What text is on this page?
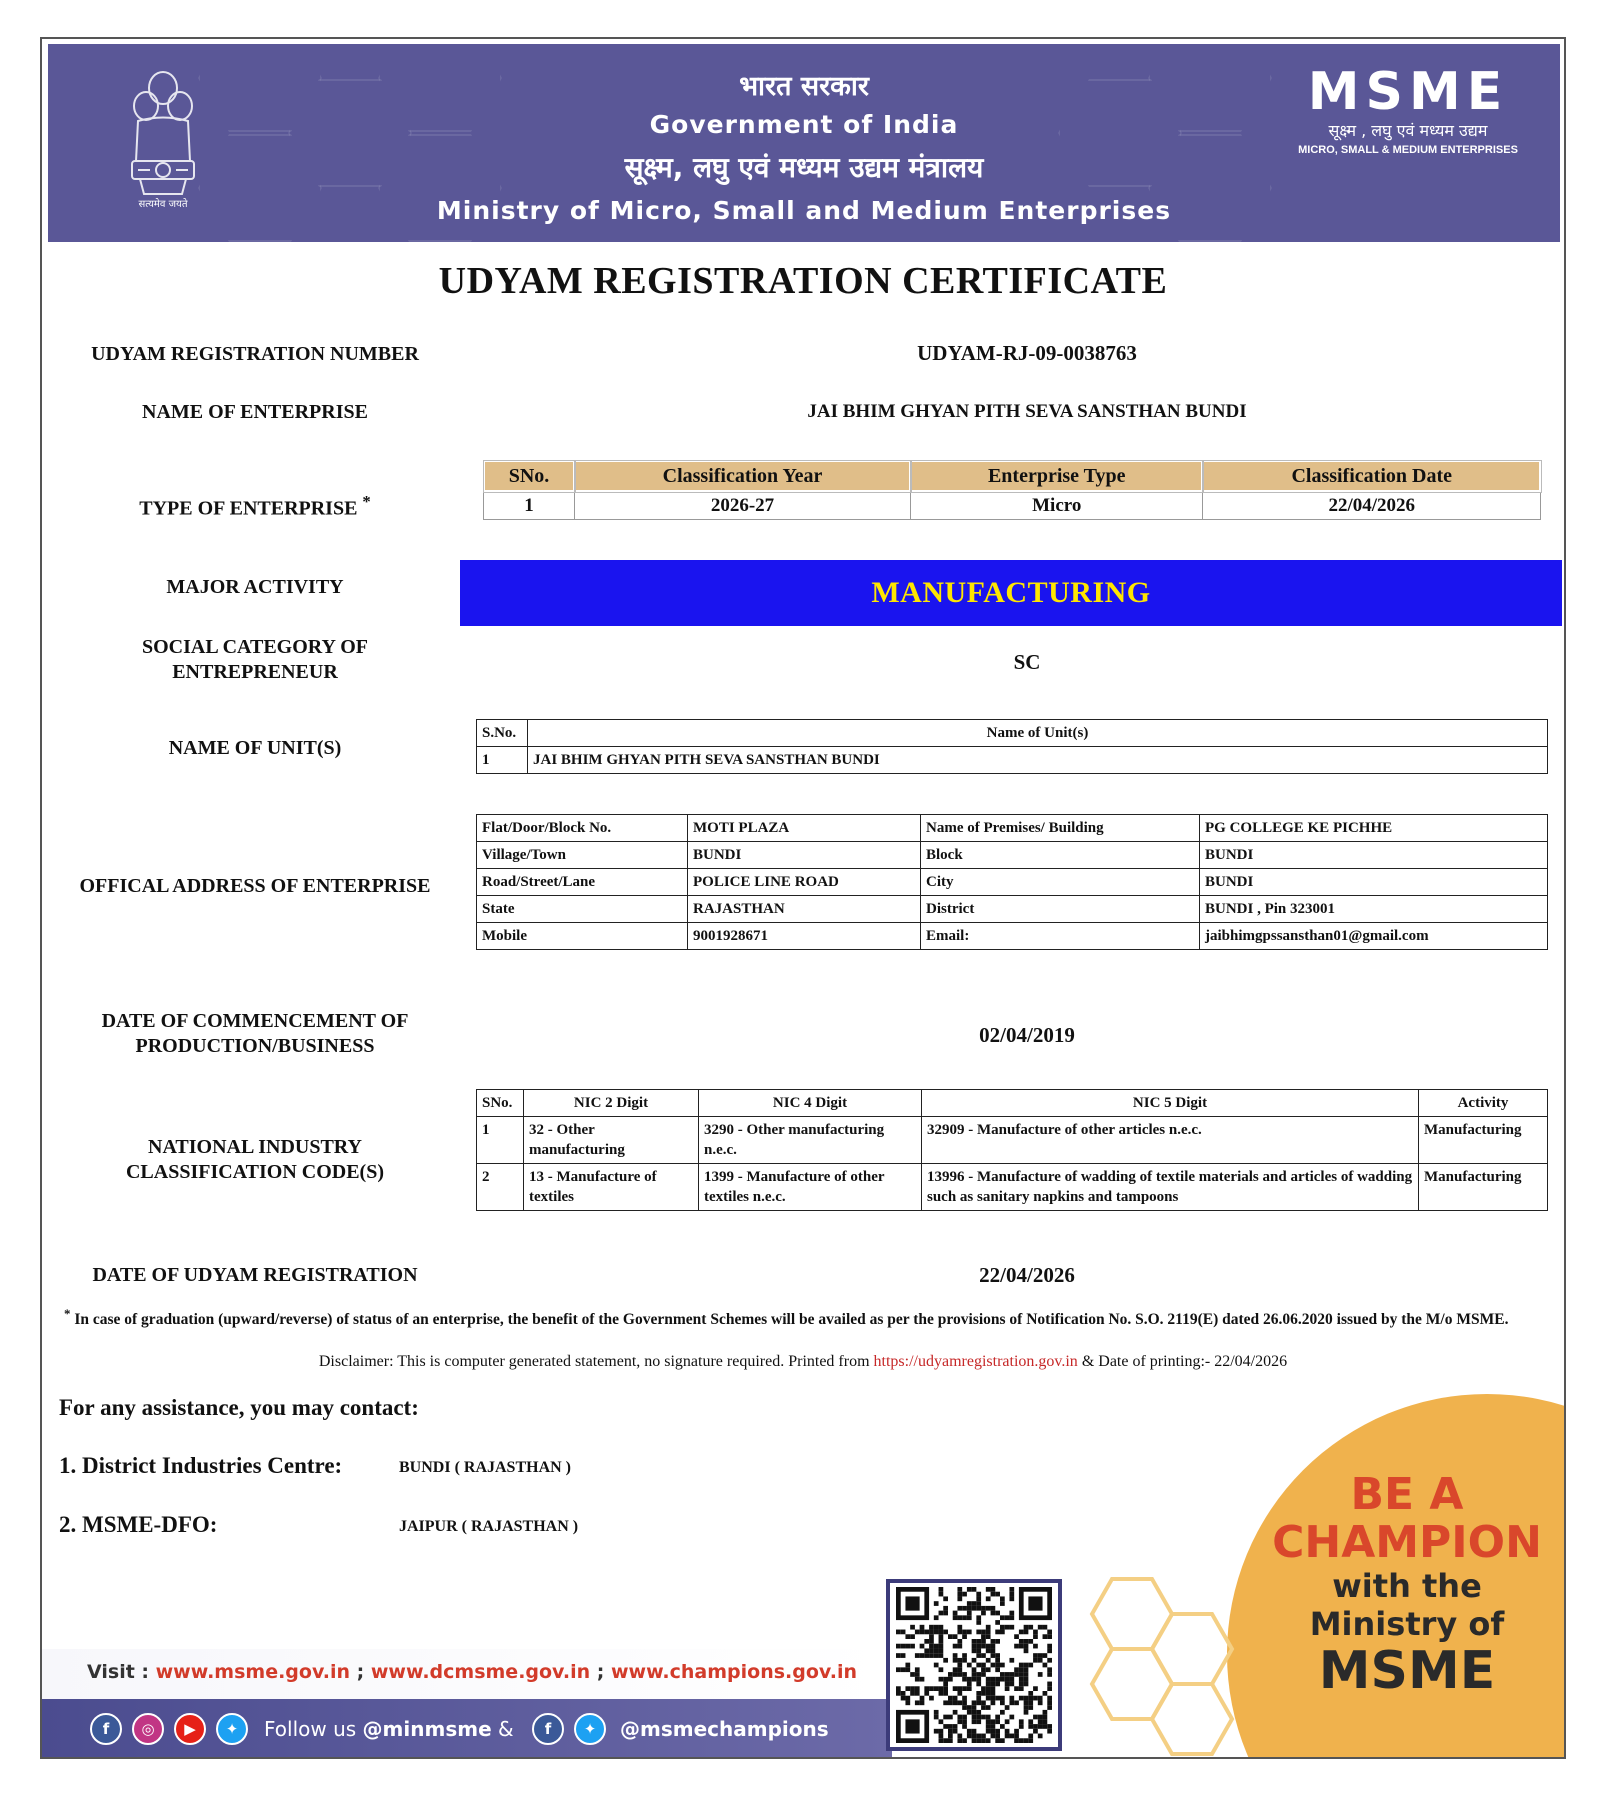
सत्यमेव जयते
भारत सरकार
Government of India
सूक्ष्म, लघु एवं मध्यम उद्यम मंत्रालय
Ministry of Micro, Small and Medium Enterprises
MSME
सूक्ष्म , लघु एवं मध्यम उद्यम
MICRO, SMALL & MEDIUM ENTERPRISES
UDYAM REGISTRATION CERTIFICATE
UDYAM REGISTRATION NUMBER	UDYAM-RJ-09-0038763
NAME OF ENTERPRISE	JAI BHIM GHYAN PITH SEVA SANSTHAN BUNDI
TYPE OF ENTERPRISE *
SNo.	Classification Year	Enterprise Type	Classification Date
1	2026-27	Micro	22/04/2026
MAJOR ACTIVITY	MANUFACTURING
SOCIAL CATEGORY OF
ENTREPRENEUR	SC
NAME OF UNIT(S)
S.No.	Name of Unit(s)
1	JAI BHIM GHYAN PITH SEVA SANSTHAN BUNDI
OFFICAL ADDRESS OF ENTERPRISE
Flat/Door/Block No.	MOTI PLAZA	Name of Premises/ Building	PG COLLEGE KE PICHHE
Village/Town	BUNDI	Block	BUNDI
Road/Street/Lane	POLICE LINE ROAD	City	BUNDI
State	RAJASTHAN	District	BUNDI , Pin 323001
Mobile	9001928671	Email:	jaibhimgpssansthan01@gmail.com
DATE OF COMMENCEMENT OF
PRODUCTION/BUSINESS	02/04/2019
NATIONAL INDUSTRY
CLASSIFICATION CODE(S)
SNo.	NIC 2 Digit	NIC 4 Digit	NIC 5 Digit	Activity
1	32 - Other manufacturing	3290 - Other manufacturing n.e.c.	32909 - Manufacture of other articles n.e.c.	Manufacturing
2	13 - Manufacture of textiles	1399 - Manufacture of other textiles n.e.c.	13996 - Manufacture of wadding of textile materials and articles of wadding such as sanitary napkins and tampoons	Manufacturing
DATE OF UDYAM REGISTRATION	22/04/2026
* In case of graduation (upward/reverse) of status of an enterprise, the benefit of the Government Schemes will be availed as per the provisions of Notification No. S.O. 2119(E) dated 26.06.2020 issued by the M/o MSME.
Disclaimer: This is computer generated statement, no signature required. Printed from https://udyamregistration.gov.in & Date of printing:- 22/04/2026
BE A
CHAMPION
with the
Ministry of
MSME
For any assistance, you may contact:
1. District Industries Centre:	BUNDI ( RAJASTHAN )
2. MSME-DFO:	JAIPUR ( RAJASTHAN )
Visit : www.msme.gov.in ; www.dcmsme.gov.in ; www.champions.gov.in
f	◎	▶	✦	Follow us @minmsme &	f	✦	@msmechampions
